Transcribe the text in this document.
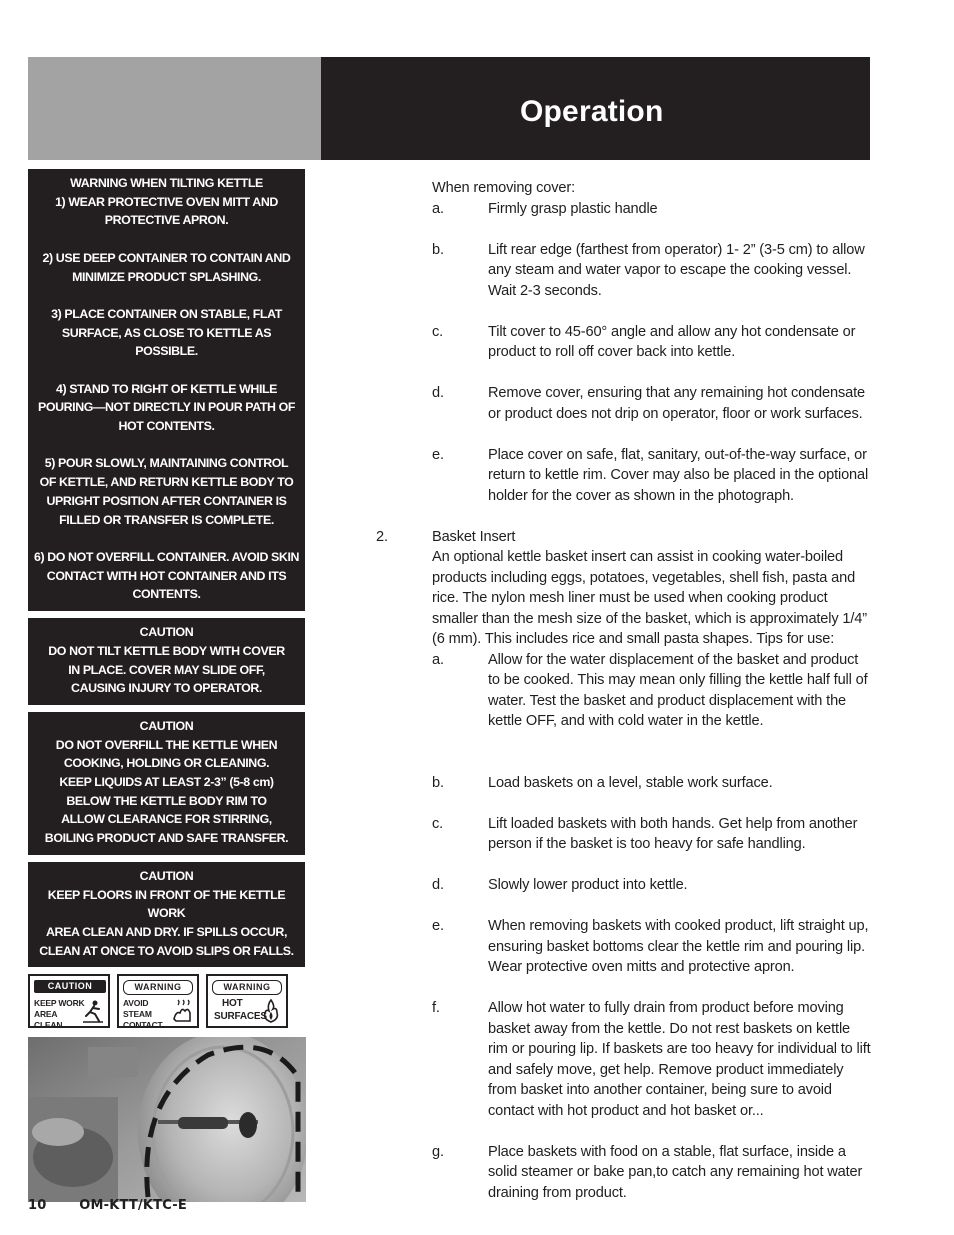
Operation

WARNING WHEN TILTING KETTLE
1) WEAR PROTECTIVE OVEN MITT AND
PROTECTIVE APRON.

2) USE DEEP CONTAINER TO CONTAIN AND
MINIMIZE PRODUCT SPLASHING.

3) PLACE CONTAINER ON STABLE, FLAT
SURFACE, AS CLOSE TO KETTLE AS POSSIBLE.

4) STAND TO RIGHT OF KETTLE WHILE
POURING—NOT DIRECTLY IN POUR PATH OF
HOT CONTENTS.

5) POUR SLOWLY, MAINTAINING CONTROL
OF KETTLE, AND RETURN KETTLE BODY TO
UPRIGHT POSITION AFTER CONTAINER IS
FILLED OR TRANSFER IS COMPLETE.

6) DO NOT OVERFILL CONTAINER. AVOID SKIN
CONTACT WITH HOT CONTAINER AND ITS
CONTENTS.

CAUTION
DO NOT TILT KETTLE BODY WITH COVER
IN PLACE. COVER MAY SLIDE OFF,
CAUSING INJURY TO OPERATOR.
CAUTION
DO NOT OVERFILL THE KETTLE WHEN
COOKING, HOLDING OR CLEANING.
KEEP LIQUIDS AT LEAST 2-3” (5-8 cm)
BELOW THE KETTLE BODY RIM TO
ALLOW CLEARANCE FOR STIRRING,
BOILING PRODUCT AND SAFE TRANSFER.
CAUTION
KEEP FLOORS IN FRONT OF THE KETTLE WORK
AREA CLEAN AND DRY. IF SPILLS OCCUR,
CLEAN AT ONCE TO AVOID SLIPS OR FALLS.
CAUTION
KEEP WORK
AREA CLEAN
WARNING
AVOID STEAM
CONTACT
WARNING
HOT
SURFACES

When removing cover:

a.	Firmly grasp plastic handle

b.	Lift rear edge (farthest from operator) 1- 2” (3-5 cm) to allow any steam and water vapor to escape the cooking vessel. Wait 2-3 seconds.

c.	Tilt cover to 45-60° angle and allow any hot condensate or product to roll off cover back into kettle.

d.	Remove cover, ensuring that any remaining hot condensate or product does not drip on operator, floor or work surfaces.

e.	Place cover on safe, flat, sanitary, out-of-the-way surface, or return to kettle rim. Cover may also be placed in the optional holder for the cover as shown in the photograph.

2.	Basket Insert

An optional kettle basket insert can assist in cooking water-boiled products including eggs, potatoes, vegetables, shell fish, pasta and rice. The nylon mesh liner must be used when cooking product smaller than the mesh size of the basket, which is approximately 1/4” (6 mm). This includes rice and small pasta shapes. Tips for use:

a.	Allow for the water displacement of the basket and product to be cooked. This may mean only filling the kettle half full of water. Test the basket and product displacement with the kettle OFF, and with cold water in the kettle.

b.	Load baskets on a level, stable work surface.

c.	Lift loaded baskets with both hands. Get help from another person if the basket is too heavy for safe handling.

d.	Slowly lower product into kettle.

e.	When removing baskets with cooked product, lift straight up, ensuring basket bottoms clear the kettle rim and pouring lip. Wear protective oven mitts and protective apron.

f.	Allow hot water to fully drain from product before moving basket away from the kettle. Do not rest baskets on kettle rim or pouring lip. If baskets are too heavy for individual to lift and safely move, get help. Remove product immediately from basket into another container, being sure to avoid contact with hot product and hot basket or...

g.	Place baskets with food on a stable, flat surface, inside a solid steamer or bake pan,to catch any remaining hot water draining from product.

10	OM-KTT/KTC-E
